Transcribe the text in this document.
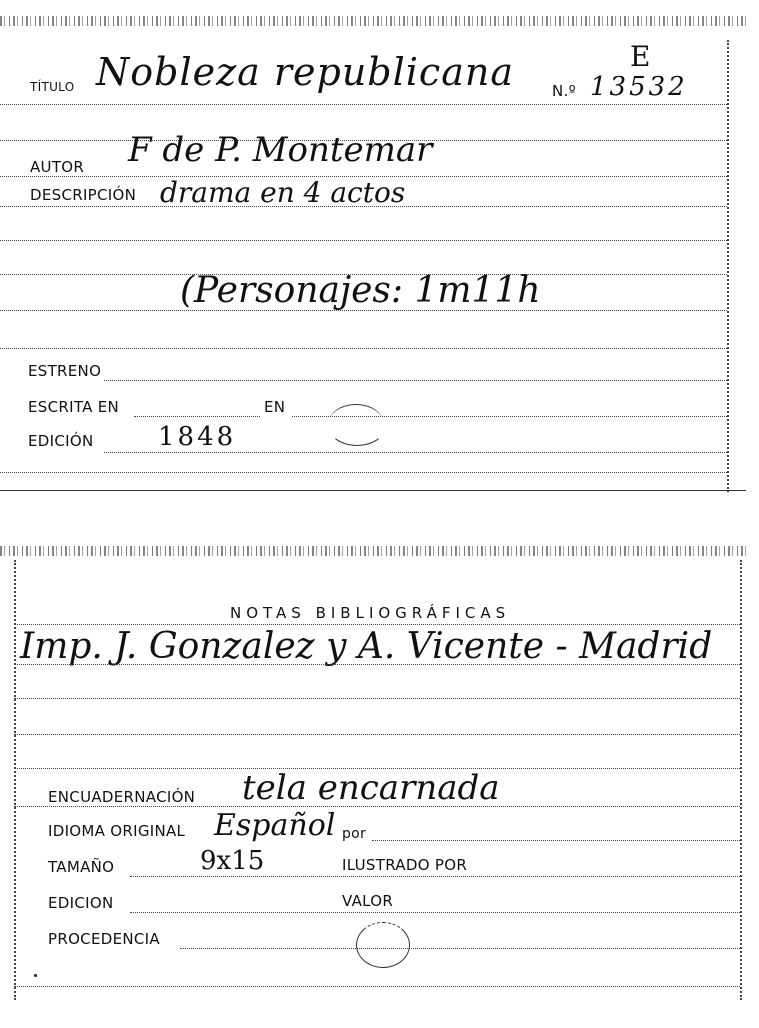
TÍTULO Nobleza republicana	N.º 13532
E
AUTOR F de P. Montemar
DESCRIPCIÓN drama en 4 actos
(Personajes: 1m11h
ESTRENO
ESCRITA EN	EN
EDICIÓN 1848
NOTAS BIBLIOGRÁFICAS
Imp. J. Gonzalez y A. Vicente - Madrid
ENCUADERNACIÓN tela encarnada
IDIOMA ORIGINAL Español por
TAMAÑO	9x15	ILUSTRADO POR
EDICION	VALOR
PROCEDENCIA
